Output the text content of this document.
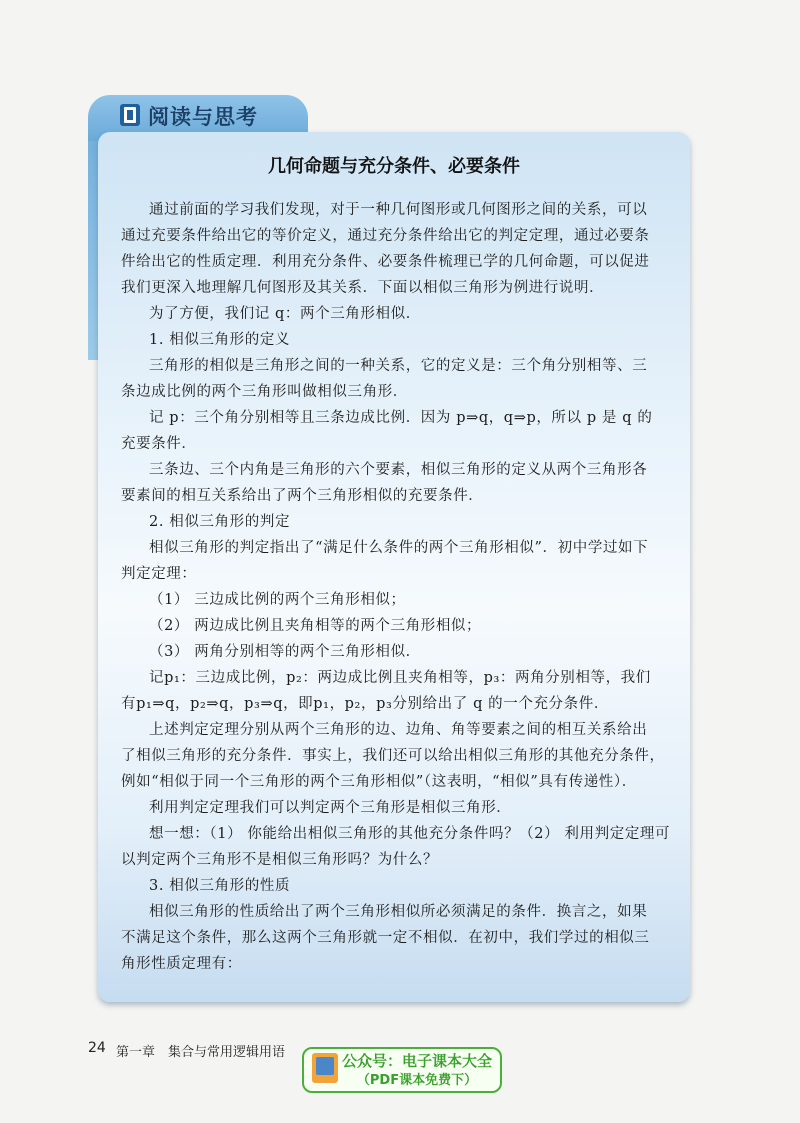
阅读与思考
几何命题与充分条件、必要条件
通过前面的学习我们发现，对于一种几何图形或几何图形之间的关系，可以
通过充要条件给出它的等价定义，通过充分条件给出它的判定定理，通过必要条
件给出它的性质定理．利用充分条件、必要条件梳理已学的几何命题，可以促进
我们更深入地理解几何图形及其关系．下面以相似三角形为例进行说明．
为了方便，我们记 q：两个三角形相似．
1. 相似三角形的定义
三角形的相似是三角形之间的一种关系，它的定义是：三个角分别相等、三
条边成比例的两个三角形叫做相似三角形．
记 p：三个角分别相等且三条边成比例．因为 p⇒q，q⇒p，所以 p 是 q 的
充要条件．
三条边、三个内角是三角形的六个要素，相似三角形的定义从两个三角形各
要素间的相互关系给出了两个三角形相似的充要条件．
2. 相似三角形的判定
相似三角形的判定指出了“满足什么条件的两个三角形相似”．初中学过如下
判定定理：
（1） 三边成比例的两个三角形相似；
（2） 两边成比例且夹角相等的两个三角形相似；
（3） 两角分别相等的两个三角形相似．
记p₁：三边成比例，p₂：两边成比例且夹角相等，p₃：两角分别相等，我们
有p₁⇒q，p₂⇒q，p₃⇒q，即p₁，p₂，p₃分别给出了 q 的一个充分条件．
上述判定定理分别从两个三角形的边、边角、角等要素之间的相互关系给出
了相似三角形的充分条件．事实上，我们还可以给出相似三角形的其他充分条件，
例如“相似于同一个三角形的两个三角形相似”（这表明，“相似”具有传递性）．
利用判定定理我们可以判定两个三角形是相似三角形．
想一想：（1） 你能给出相似三角形的其他充分条件吗？（2） 利用判定定理可
以判定两个三角形不是相似三角形吗？为什么？
3. 相似三角形的性质
相似三角形的性质给出了两个三角形相似所必须满足的条件．换言之，如果
不满足这个条件，那么这两个三角形就一定不相似．在初中，我们学过的相似三
角形性质定理有：
24 第一章　集合与常用逻辑用语	公众号：电子课本大全
（PDF课本免费下）
